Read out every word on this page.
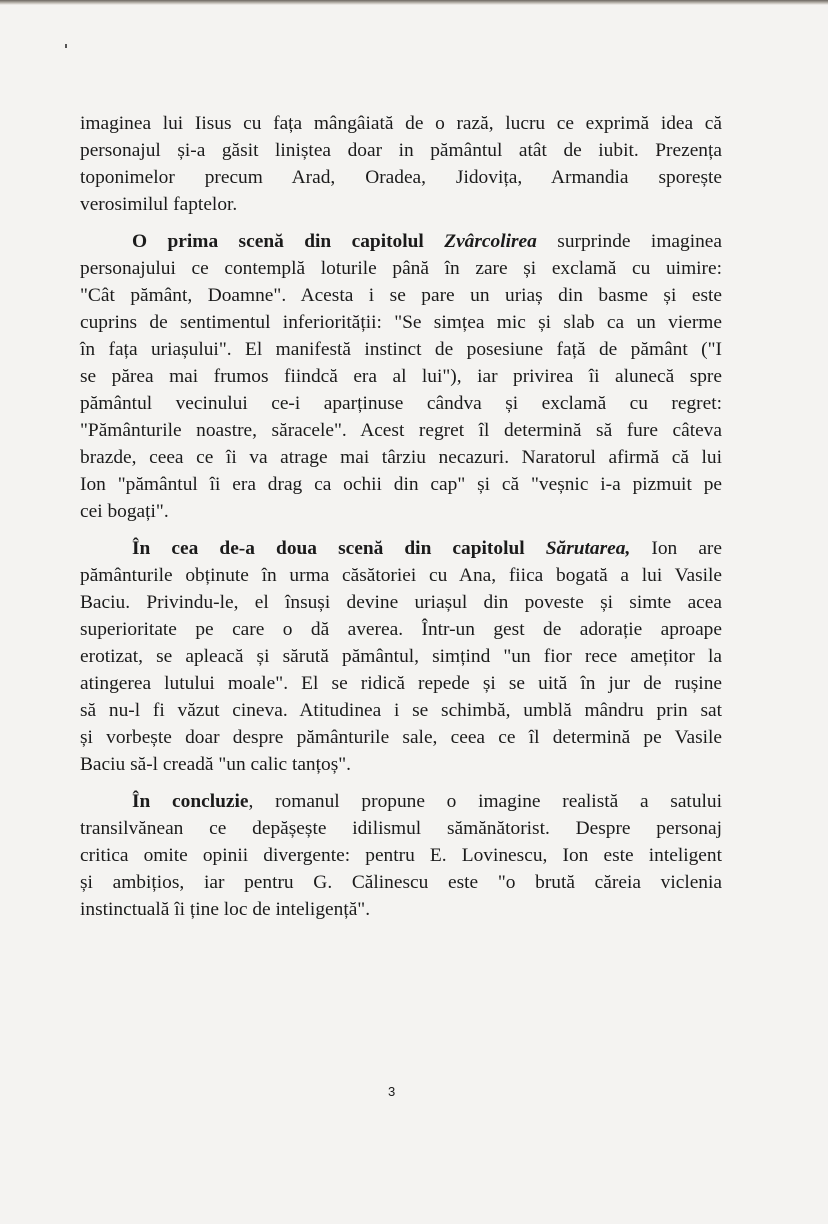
imaginea lui Iisus cu fața mângâiată de o rază, lucru ce exprimă idea că
personajul și-a găsit liniștea doar in pământul atât de iubit. Prezența
toponimelor precum Arad, Oradea, Jidovița, Armandia sporește
verosimilul faptelor.
O prima scenă din capitolul Zvârcolirea surprinde imaginea
personajului ce contemplă loturile până în zare și exclamă cu uimire:
"Cât pământ, Doamne". Acesta i se pare un uriaș din basme și este
cuprins de sentimentul inferiorității: "Se simțea mic și slab ca un vierme
în fața uriașului". El manifestă instinct de posesiune față de pământ ("I
se părea mai frumos fiindcă era al lui"), iar privirea îi alunecă spre
pământul vecinului ce-i aparținuse cândva și exclamă cu regret:
"Pământurile noastre, săracele". Acest regret îl determină să fure câteva
brazde, ceea ce îi va atrage mai târziu necazuri. Naratorul afirmă că lui
Ion "pământul îi era drag ca ochii din cap" și că "veșnic i-a pizmuit pe
cei bogați".
În cea de-a doua scenă din capitolul Sărutarea, Ion are
pământurile obținute în urma căsătoriei cu Ana, fiica bogată a lui Vasile
Baciu. Privindu-le, el însuși devine uriașul din poveste și simte acea
superioritate pe care o dă averea. Într-un gest de adorație aproape
erotizat, se apleacă și sărută pământul, simțind "un fior rece amețitor la
atingerea lutului moale". El se ridică repede și se uită în jur de rușine
să nu-l fi văzut cineva. Atitudinea i se schimbă, umblă mândru prin sat
și vorbește doar despre pământurile sale, ceea ce îl determină pe Vasile
Baciu să-l creadă "un calic tanțoș".
În concluzie, romanul propune o imagine realistă a satului
transilvănean ce depășește idilismul sămănătorist. Despre personaj
critica omite opinii divergente: pentru E. Lovinescu, Ion este inteligent
și ambițios, iar pentru G. Călinescu este "o brută căreia viclenia
instinctuală îi ține loc de inteligență".
3
